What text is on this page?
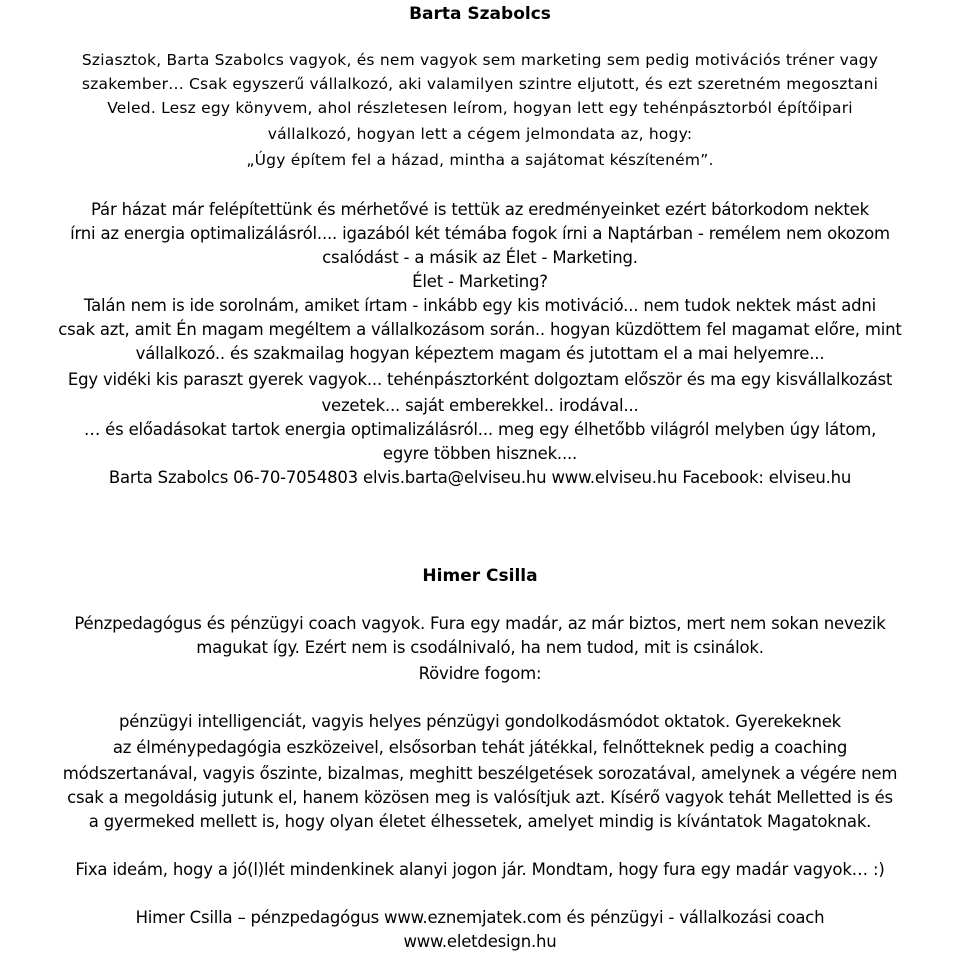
Barta Szabolcs
Sziasztok, Barta Szabolcs vagyok, és nem vagyok sem marketing sem pedig motivációs tréner vagy
szakember… Csak egyszerű vállalkozó, aki valamilyen szintre eljutott, és ezt szeretném megosztani
Veled. Lesz egy könyvem, ahol részletesen leírom, hogyan lett egy tehénpásztorból építőipari
vállalkozó, hogyan lett a cégem jelmondata az, hogy:
„Úgy építem fel a házad, mintha a sajátomat készíteném”.
Pár házat már felépítettünk és mérhetővé is tettük az eredményeinket ezért bátorkodom nektek
írni az energia optimalizálásról.... igazából két témába fogok írni a Naptárban - remélem nem okozom
csalódást - a másik az Élet - Marketing.
Élet - Marketing?
Talán nem is ide sorolnám, amiket írtam - inkább egy kis motiváció... nem tudok nektek mást adni
csak azt, amit Én magam megéltem a vállalkozásom során.. hogyan küzdöttem fel magamat előre, mint
vállalkozó.. és szakmailag hogyan képeztem magam és jutottam el a mai helyemre...
Egy vidéki kis paraszt gyerek vagyok... tehénpásztorként dolgoztam először és ma egy kisvállalkozást
vezetek... saját emberekkel.. irodával...
… és előadásokat tartok energia optimalizálásról... meg egy élhetőbb világról melyben úgy látom,
egyre többen hisznek....
Barta Szabolcs 06-70-7054803 elvis.barta@elviseu.hu www.elviseu.hu Facebook: elviseu.hu
Himer Csilla
Pénzpedagógus és pénzügyi coach vagyok. Fura egy madár, az már biztos, mert nem sokan nevezik
magukat így. Ezért nem is csodálnivaló, ha nem tudod, mit is csinálok.
Rövidre fogom:
pénzügyi intelligenciát, vagyis helyes pénzügyi gondolkodásmódot oktatok. Gyerekeknek
az élménypedagógia eszközeivel, elsősorban tehát játékkal, felnőtteknek pedig a coaching
módszertanával, vagyis őszinte, bizalmas, meghitt beszélgetések sorozatával, amelynek a végére nem
csak a megoldásig jutunk el, hanem közösen meg is valósítjuk azt. Kísérő vagyok tehát Melletted is és
a gyermeked mellett is, hogy olyan életet élhessetek, amelyet mindig is kívántatok Magatoknak.
Fixa ideám, hogy a jó(l)lét mindenkinek alanyi jogon jár. Mondtam, hogy fura egy madár vagyok… :)
Himer Csilla – pénzpedagógus www.eznemjatek.com és pénzügyi - vállalkozási coach
www.eletdesign.hu
